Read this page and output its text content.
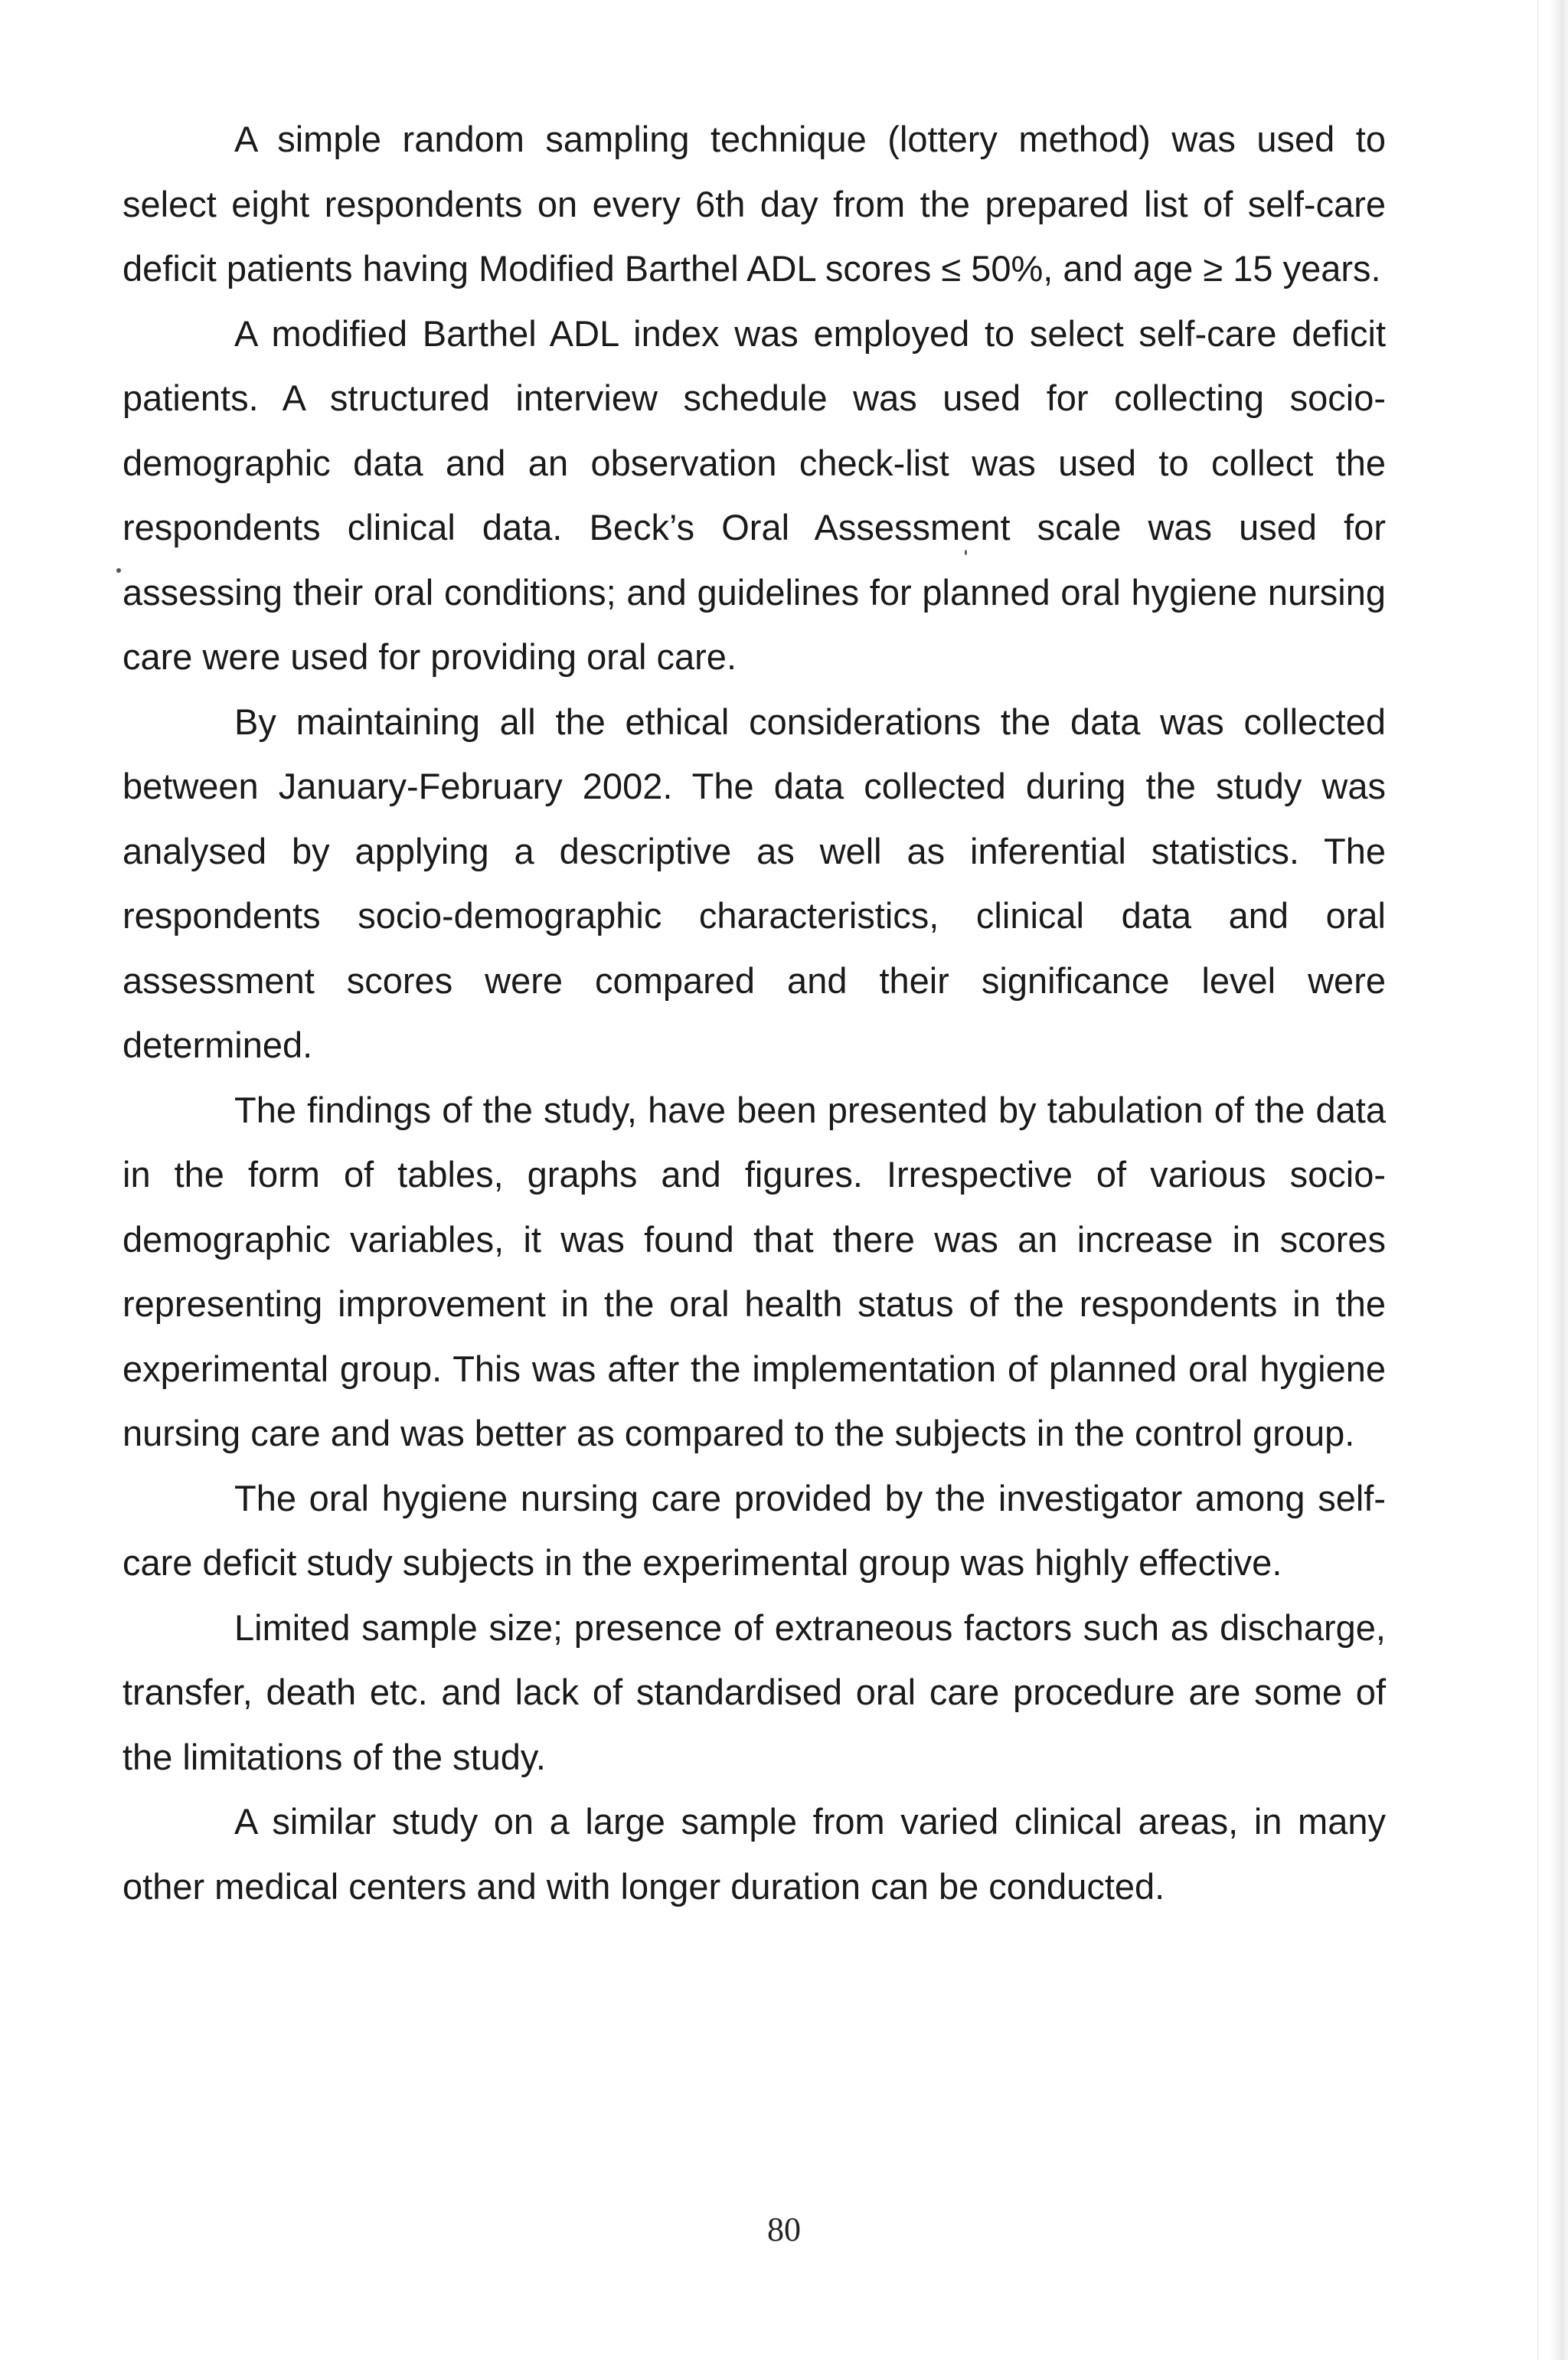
A simple random sampling technique (lottery method) was used to select eight respondents on every 6th day from the prepared list of self-care deficit patients having Modified Barthel ADL scores ≤ 50%, and age ≥ 15 years.

A modified Barthel ADL index was employed to select self-care deficit patients. A structured interview schedule was used for collecting socio-demographic data and an observation check-list was used to collect the respondents clinical data. Beck’s Oral Assessment scale was used for assessing their oral conditions; and guidelines for planned oral hygiene nursing care were used for providing oral care.

By maintaining all the ethical considerations the data was collected between January-February 2002. The data collected during the study was analysed by applying a descriptive as well as inferential statistics. The respondents socio-demographic characteristics, clinical data and oral assessment scores were compared and their significance level were determined.

The findings of the study, have been presented by tabulation of the data in the form of tables, graphs and figures. Irrespective of various socio-demographic variables, it was found that there was an increase in scores representing improvement in the oral health status of the respondents in the experimental group. This was after the implementation of planned oral hygiene nursing care and was better as compared to the subjects in the control group.

The oral hygiene nursing care provided by the investigator among self-care deficit study subjects in the experimental group was highly effective.

Limited sample size; presence of extraneous factors such as discharge, transfer, death etc. and lack of standardised oral care procedure are some of the limitations of the study.

A similar study on a large sample from varied clinical areas, in many other medical centers and with longer duration can be conducted.

80
